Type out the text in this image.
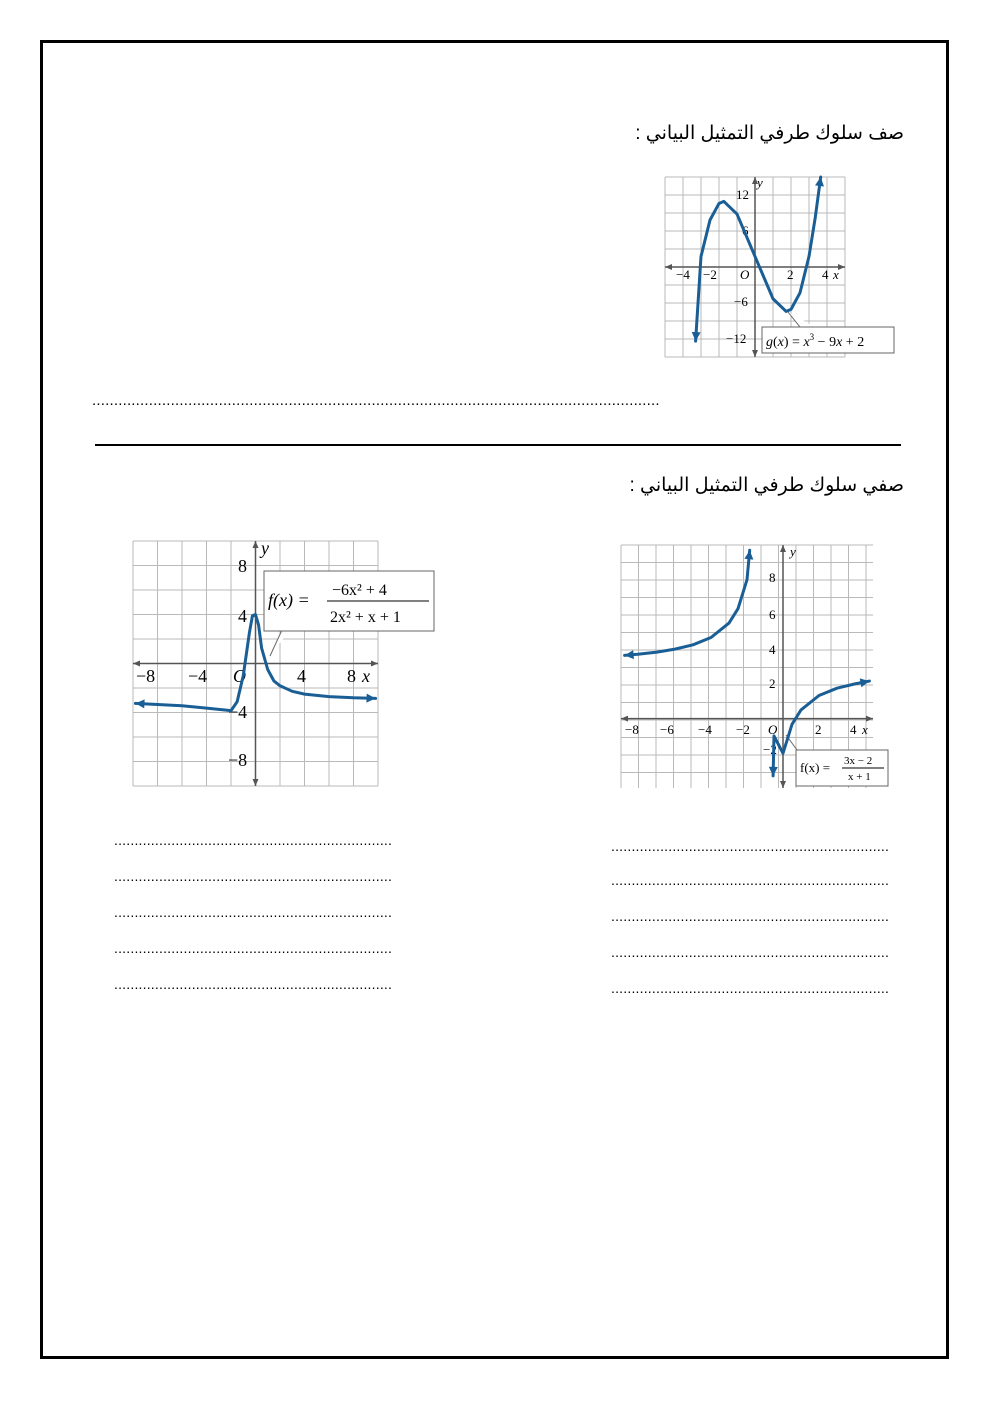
صف سلوك طرفي التمثيل البياني :
−4 −2 O	2 4
12
6
−6
−12
x
y
$g(x) = x^3 - 9x + 2$
..................................................................................................................................
صفي سلوك طرفي التمثيل البياني :
−8 −6 −4 −2 O	2 4
8
6
4
2
−2
x
y
f(x) = 3x − 2
x + 1
−8 −4 O	4 8
8
4
−4
−8
x
y
f(x) = −6x² + 4
2x² + x + 1
....................................................................
....................................................................
....................................................................
....................................................................
....................................................................
....................................................................
....................................................................
....................................................................
....................................................................
....................................................................
